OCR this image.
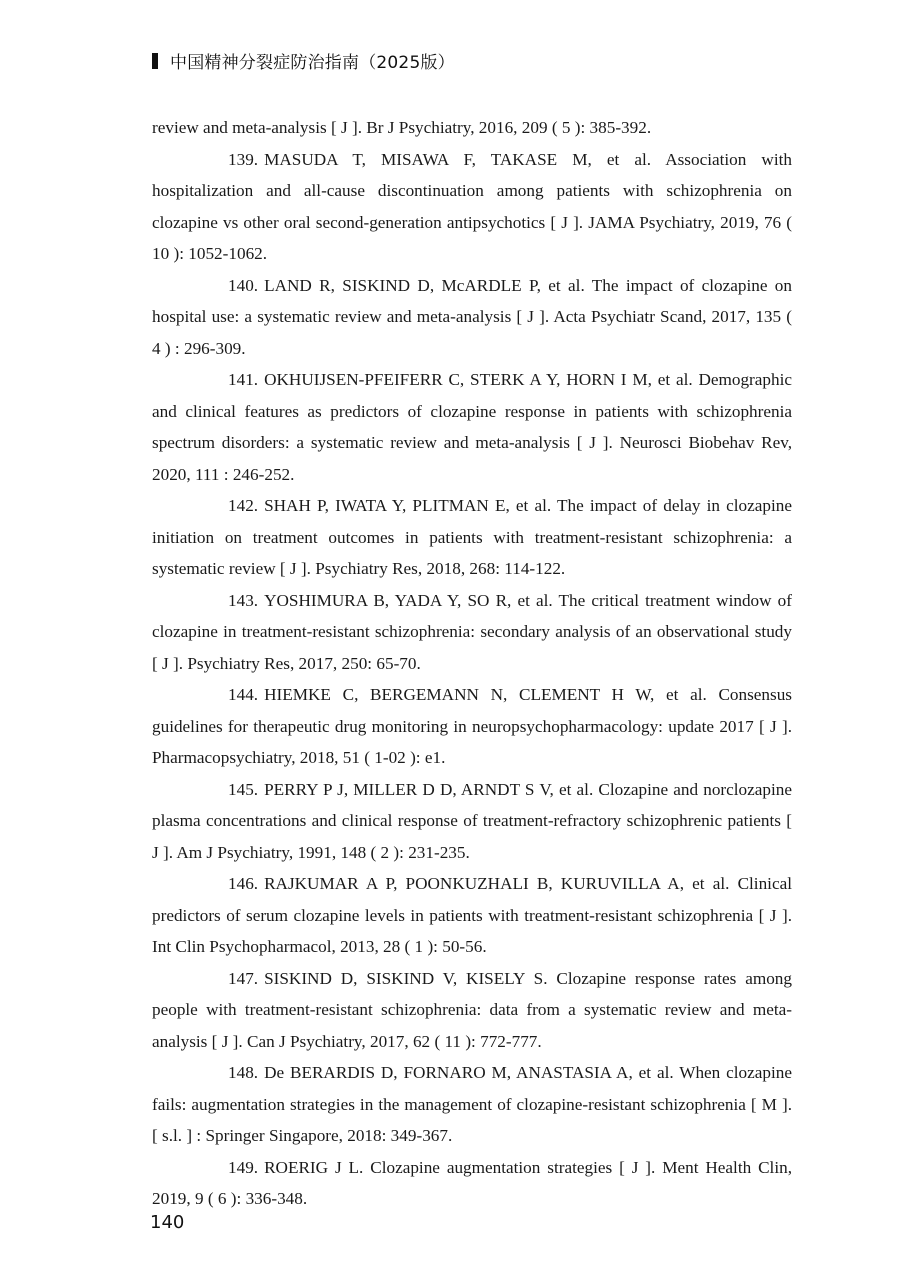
中国精神分裂症防治指南（2025版）

review and meta-analysis [ J ]. Br J Psychiatry, 2016, 209 ( 5 ): 385-392.

139. MASUDA T, MISAWA F, TAKASE M, et al. Association with hospitalization and all-cause discontinuation among patients with schizophrenia on clozapine vs other oral second-generation antipsychotics [ J ]. JAMA Psychiatry, 2019, 76 ( 10 ): 1052-1062.

140. LAND R, SISKIND D, McARDLE P, et al. The impact of clozapine on hospital use: a systematic review and meta-analysis [ J ]. Acta Psychiatr Scand, 2017, 135 ( 4 ) : 296-309.

141. OKHUIJSEN-PFEIFERR C, STERK A Y, HORN I M, et al. Demographic and clinical features as predictors of clozapine response in patients with schizophrenia spectrum disorders: a systematic review and meta-analysis [ J ]. Neurosci Biobehav Rev, 2020, 111 : 246-252.

142. SHAH P, IWATA Y, PLITMAN E, et al. The impact of delay in clozapine initiation on treatment outcomes in patients with treatment-resistant schizophrenia: a systematic review [ J ]. Psychiatry Res, 2018, 268: 114-122.

143. YOSHIMURA B, YADA Y, SO R, et al. The critical treatment window of clozapine in treatment-resistant schizophrenia: secondary analysis of an observational study [ J ]. Psychiatry Res, 2017, 250: 65-70.

144. HIEMKE C, BERGEMANN N, CLEMENT H W, et al. Consensus guidelines for therapeutic drug monitoring in neuropsychopharmacology: update 2017 [ J ]. Pharmacopsychiatry, 2018, 51 ( 1-02 ): e1.

145. PERRY P J, MILLER D D, ARNDT S V, et al. Clozapine and norclozapine plasma concentrations and clinical response of treatment-refractory schizophrenic patients [ J ]. Am J Psychiatry, 1991, 148 ( 2 ): 231-235.

146. RAJKUMAR A P, POONKUZHALI B, KURUVILLA A, et al. Clinical predictors of serum clozapine levels in patients with treatment-resistant schizophrenia [ J ]. Int Clin Psychopharmacol, 2013, 28 ( 1 ): 50-56.

147. SISKIND D, SISKIND V, KISELY S. Clozapine response rates among people with treatment-resistant schizophrenia: data from a systematic review and meta-analysis [ J ]. Can J Psychiatry, 2017, 62 ( 11 ): 772-777.

148. De BERARDIS D, FORNARO M, ANASTASIA A, et al. When clozapine fails: augmentation strategies in the management of clozapine-resistant schizophrenia [ M ]. [ s.l. ] : Springer Singapore, 2018: 349-367.

149. ROERIG J L. Clozapine augmentation strategies [ J ]. Ment Health Clin, 2019, 9 ( 6 ): 336-348.

140
